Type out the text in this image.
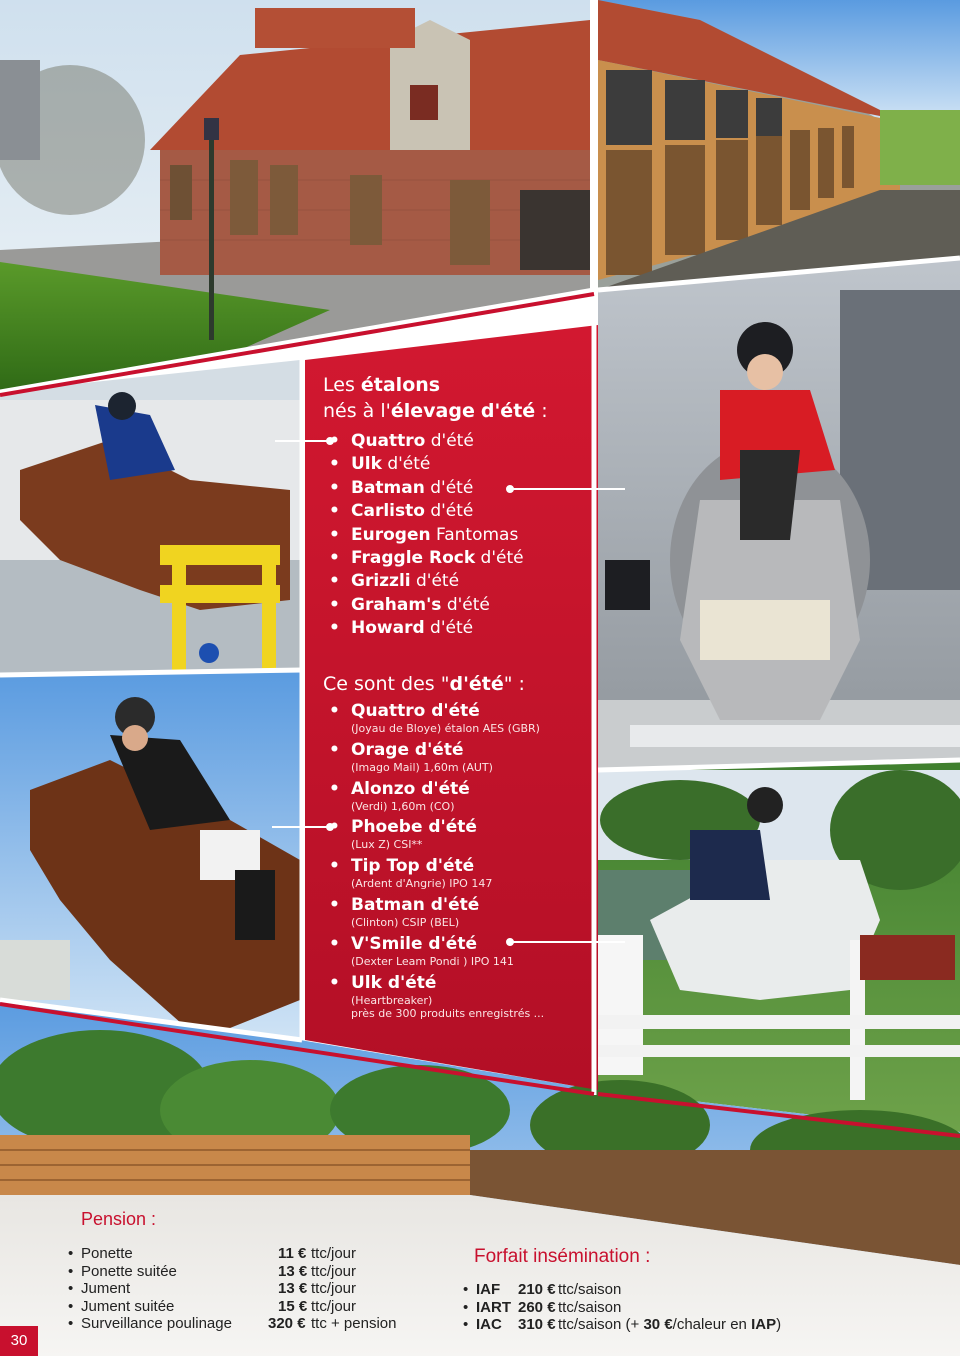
Les étalons
nés à l'élevage d'été :
• Quattro d'été
• Ulk d'été
• Batman d'été
• Carlisto d'été
• Eurogen Fantomas
• Fraggle Rock d'été
• Grizzli d'été
• Graham's d'été
• Howard d'été
Ce sont des "d'été" :
• Quattro d'été
(Joyau de Bloye) étalon AES (GBR)
• Orage d'été
(Imago Mail) 1,60m (AUT)
• Alonzo d'été
(Verdi) 1,60m (CO)
• Phoebe d'été
(Lux Z) CSI**
• Tip Top d'été
(Ardent d'Angrie) IPO 147
• Batman d'été
(Clinton) CSIP (BEL)
• V'Smile d'été
(Dexter Leam Pondi ) IPO 141
• Ulk d'été
(Heartbreaker)
près de 300 produits enregistrés ...
Pension :
• Ponette	11 € ttc/jour
• Ponette suitée	13 € ttc/jour
• Jument	13 € ttc/jour
• Jument suitée	15 € ttc/jour
• Surveillance poulinage 320 € ttc + pension
Forfait insémination :
• IAF 210 € ttc/saison
• IART 260 € ttc/saison
• IAC 310 € ttc/saison (+ 30 €/chaleur en IAP)
30
